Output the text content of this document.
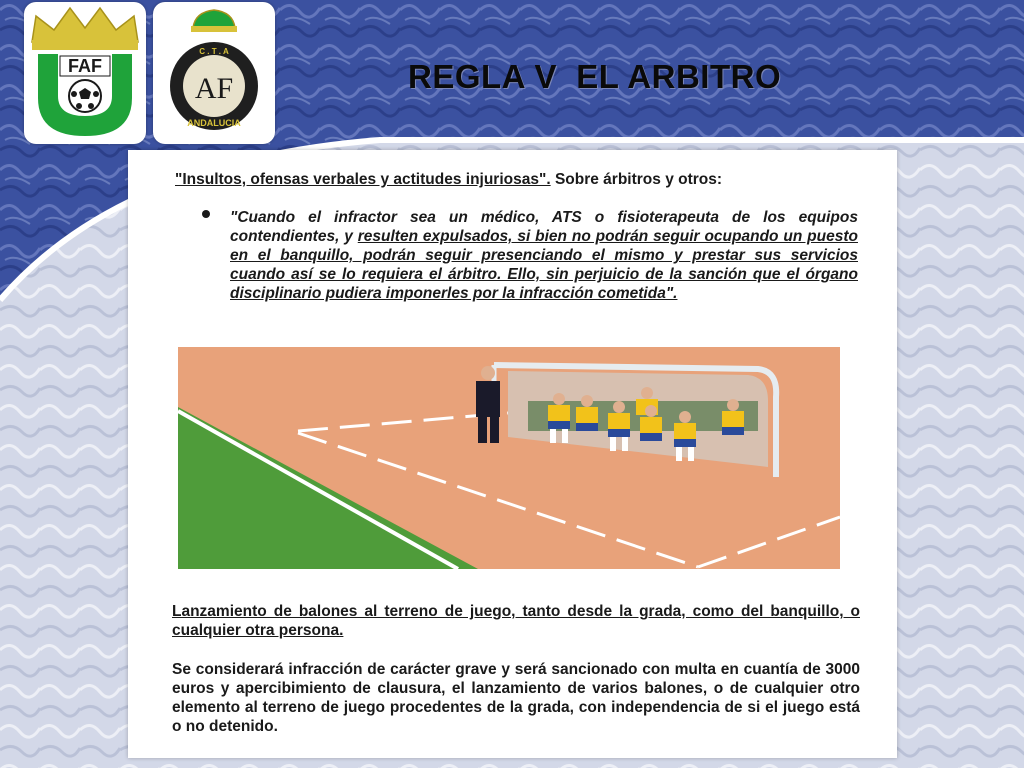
FAF
C . T . A
ANDALUCIA
AF	REGLA V  EL ARBITRO
"Insultos, ofensas verbales y actitudes injuriosas". Sobre árbitros y otros:
"Cuando el infractor sea un médico, ATS o fisioterapeuta de los equipos contendientes, y resulten expulsados, si bien no podrán seguir ocupando un puesto en el banquillo, podrán seguir presenciando el mismo y prestar sus servicios cuando así se lo requiera el árbitro. Ello, sin perjuicio de la sanción que el órgano disciplinario pudiera imponerles por la infracción cometida".
Lanzamiento de balones al terreno de juego, tanto desde la grada, como del banquillo, o cualquier otra persona.
Se considerará infracción de carácter grave y será sancionado con multa en cuantía de 3000 euros y apercibimiento de clausura, el lanzamiento de varios balones, o de cualquier otro elemento al terreno de juego procedentes de la grada, con independencia de si el juego está o no detenido.
